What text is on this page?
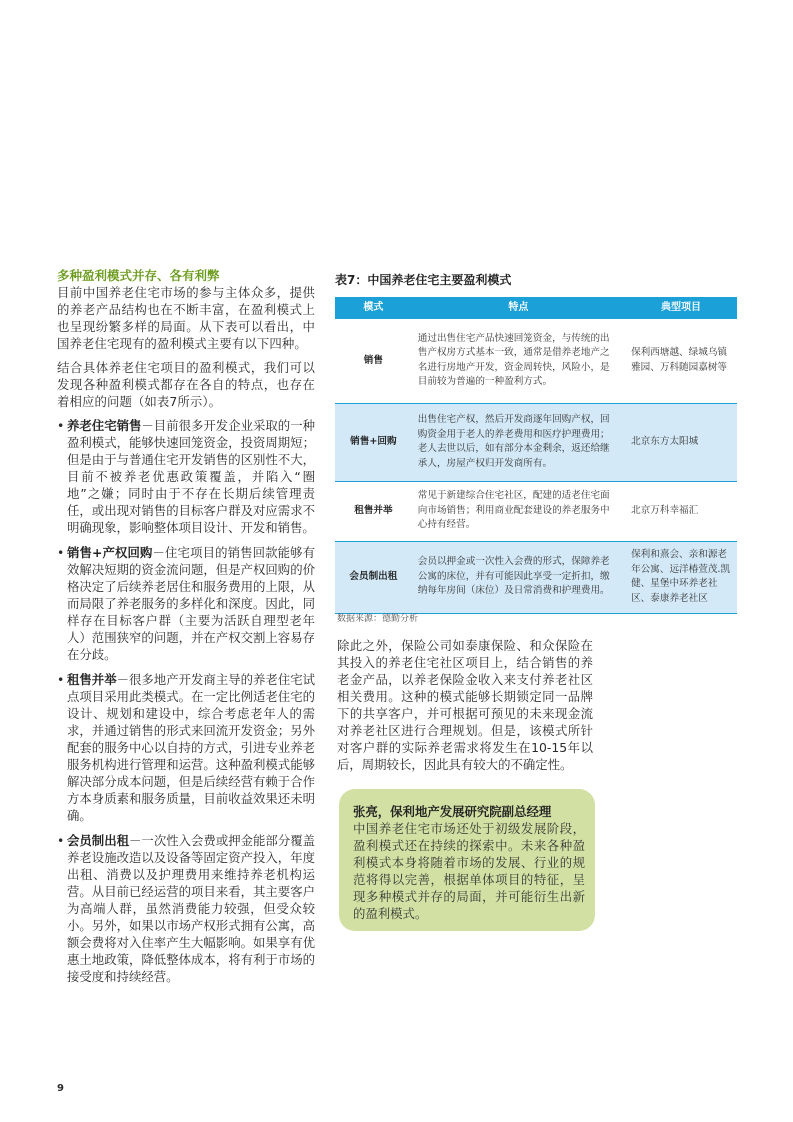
多种盈利模式并存、各有利弊

目前中国养老住宅市场的参与主体众多，提供的养老产品结构也在不断丰富，在盈利模式上也呈现纷繁多样的局面。从下表可以看出，中国养老住宅现有的盈利模式主要有以下四种。

结合具体养老住宅项目的盈利模式，我们可以发现各种盈利模式都存在各自的特点，也存在着相应的问题（如表7所示）。

• 养老住宅销售－目前很多开发企业采取的一种盈利模式，能够快速回笼资金，投资周期短；但是由于与普通住宅开发销售的区别性不大，目前不被养老优惠政策覆盖，并陷入“圈地”之嫌；同时由于不存在长期后续管理责任，或出现对销售的目标客户群及对应需求不明确现象，影响整体项目设计、开发和销售。
• 销售+产权回购－住宅项目的销售回款能够有效解决短期的资金流问题，但是产权回购的价格决定了后续养老居住和服务费用的上限，从而局限了养老服务的多样化和深度。因此，同样存在目标客户群（主要为活跃自理型老年人）范围狭窄的问题，并在产权交割上容易存在分歧。
• 租售并举－很多地产开发商主导的养老住宅试点项目采用此类模式。在一定比例适老住宅的设计、规划和建设中，综合考虑老年人的需求，并通过销售的形式来回流开发资金；另外配套的服务中心以自持的方式，引进专业养老服务机构进行管理和运营。这种盈利模式能够解决部分成本问题，但是后续经营有赖于合作方本身质素和服务质量，目前收益效果还未明确。
• 会员制出租－一次性入会费或押金能部分覆盖养老设施改造以及设备等固定资产投入，年度出租、消费以及护理费用来维持养老机构运营。从目前已经运营的项目来看，其主要客户为高端人群，虽然消费能力较强，但受众较小。另外，如果以市场产权形式拥有公寓，高额会费将对入住率产生大幅影响。如果享有优惠土地政策，降低整体成本，将有利于市场的接受度和持续经营。
表7：中国养老住宅主要盈利模式
模式	特点	典型项目
销售	通过出售住宅产品快速回笼资金，与传统的出售产权房方式基本一致，通常是借养老地产之名进行房地产开发，资金周转快，风险小，是目前较为普遍的一种盈利方式。	保利西塘越、绿城乌镇雅园、万科随园嘉树等
销售+回购	出售住宅产权，然后开发商逐年回购产权，回购资金用于老人的养老费用和医疗护理费用；老人去世以后，如有部分本金剩余，返还给继承人，房屋产权归开发商所有。	北京东方太阳城
租售并举	常见于新建综合住宅社区，配建的适老住宅面向市场销售；利用商业配套建设的养老服务中心持有经营。	北京万科幸福汇
会员制出租	会员以押金或一次性入会费的形式，保障养老公寓的床位，并有可能因此享受一定折扣，缴纳每年房间（床位）及日常消费和护理费用。	保利和熹会、亲和源老年公寓、远洋椿萱茂.凯健、星堡中环养老社区、泰康养老社区
数据来源：德勤分析
除此之外，保险公司如泰康保险、和众保险在其投入的养老住宅社区项目上，结合销售的养老金产品，以养老保险金收入来支付养老社区相关费用。这种的模式能够长期锁定同一品牌下的共享客户，并可根据可预见的未来现金流对养老社区进行合理规划。但是，该模式所针对客户群的实际养老需求将发生在10-15年以后，周期较长，因此具有较大的不确定性。
张亮，保利地产发展研究院副总经理
中国养老住宅市场还处于初级发展阶段，盈利模式还在持续的探索中。未来各种盈利模式本身将随着市场的发展、行业的规范将得以完善，根据单体项目的特征，呈现多种模式并存的局面，并可能衍生出新的盈利模式。
9
